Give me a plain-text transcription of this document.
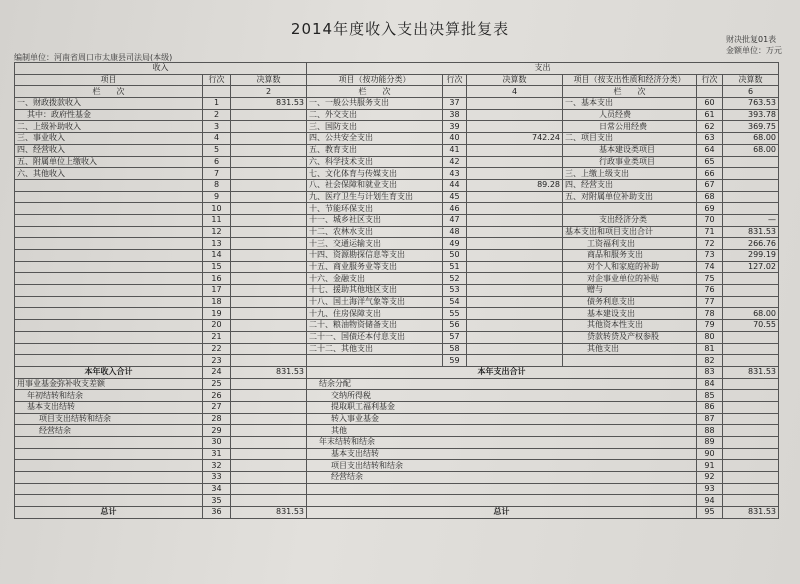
2014年度收入支出决算批复表
财决批复01表
金额单位：万元
编制单位：河南省周口市太康县司法局(本级)
收入			支出					
项目	行次	决算数	项目（按功能分类）	行次	决算数	项目（按支出性质和经济分类）	行次	决算数
栏　　次		2	栏　　次		4	栏　　次		6
一、财政拨款收入	1	831.53	一、一般公共服务支出	37		一、基本支出	60	763.53
其中：政府性基金	2		二、外交支出	38		人员经费	61	393.78
二、上级补助收入	3		三、国防支出	39		日常公用经费	62	369.75
三、事业收入	4		四、公共安全支出	40	742.24	二、项目支出	63	68.00
四、经营收入	5		五、教育支出	41		基本建设类项目	64	68.00
五、附属单位上缴收入	6		六、科学技术支出	42		行政事业类项目	65	
六、其他收入	7		七、文化体育与传媒支出	43		三、上缴上级支出	66	
	8		八、社会保障和就业支出	44	89.28	四、经营支出	67	
	9		九、医疗卫生与计划生育支出	45		五、对附属单位补助支出	68	
	10		十、节能环保支出	46			69	
	11		十一、城乡社区支出	47		支出经济分类	70	—
	12		十二、农林水支出	48		基本支出和项目支出合计	71	831.53
	13		十三、交通运输支出	49		工资福利支出	72	266.76
	14		十四、资源勘探信息等支出	50		商品和服务支出	73	299.19
	15		十五、商业服务业等支出	51		对个人和家庭的补助	74	127.02
	16		十六、金融支出	52		对企事业单位的补贴	75	
	17		十七、援助其他地区支出	53		赠与	76	
	18		十八、国土海洋气象等支出	54		债务利息支出	77	
	19		十九、住房保障支出	55		基本建设支出	78	68.00
	20		二十、粮油物资储备支出	56		其他资本性支出	79	70.55
	21		二十一、国债还本付息支出	57		贷款转贷及产权参股	80	
	22		二十二、其他支出	58		其他支出	81	
	23			59			82	
本年收入合计	24	831.53	本年支出合计				83	831.53
用事业基金弥补收支差额	25		结余分配				84	
年初结转和结余	26		交纳所得税				85	
基本支出结转	27		提取职工福利基金				86	
项目支出结转和结余	28		转入事业基金				87	
经营结余	29		其他				88	
	30		年末结转和结余				89	
	31		基本支出结转				90	
	32		项目支出结转和结余				91	
	33		经营结余				92	
	34						93	
	35						94	
总计	36	831.53	总计				95	831.53
